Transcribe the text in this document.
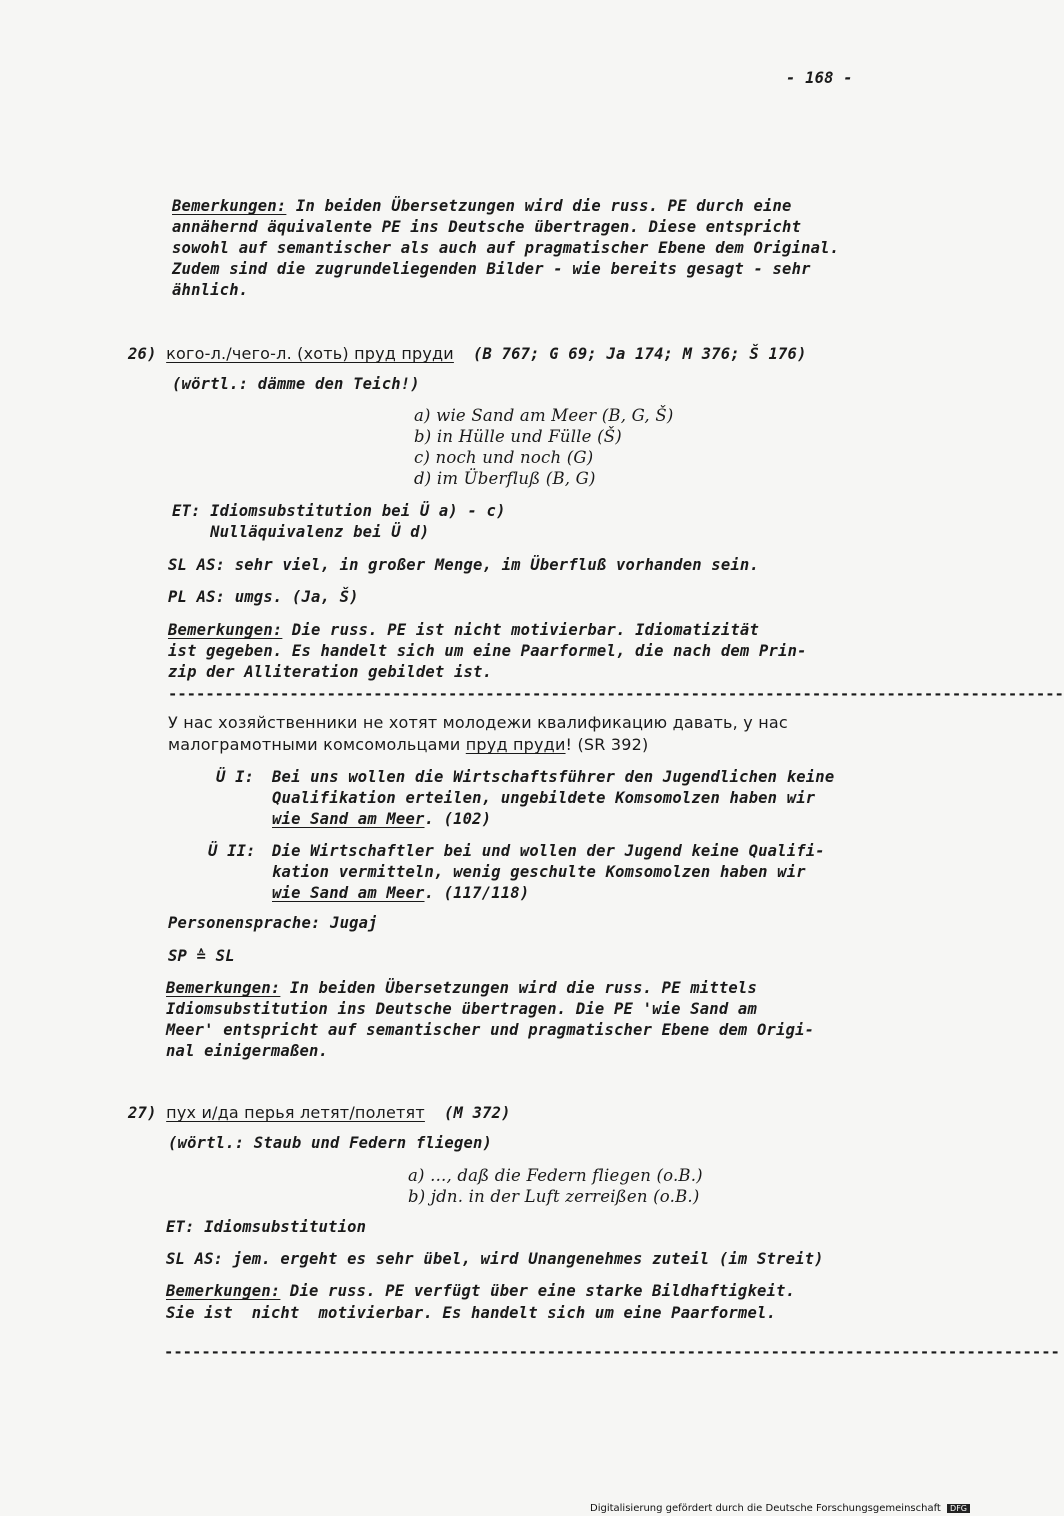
- 168 -
Bemerkungen: In beiden Übersetzungen wird die russ. PE durch eine
annähernd äquivalente PE ins Deutsche übertragen. Diese entspricht
sowohl auf semantischer als auch auf pragmatischer Ebene dem Original.
Zudem sind die zugrundeliegenden Bilder - wie bereits gesagt - sehr
ähnlich.
26) кого-л./чего-л. (хоть) пруд пруди (B 767; G 69; Ja 174; M 376; Š 176)
(wörtl.: dämme den Teich!)
a) wie Sand am Meer (B, G, Š)
b) in Hülle und Fülle (Š)
c) noch und noch (G)
d) im Überfluß (B, G)
ET: Idiomsubstitution bei Ü a) - c)
Nulläquivalenz bei Ü d)
SL AS: sehr viel, in großer Menge, im Überfluß vorhanden sein.
PL AS: umgs. (Ja, Š)
Bemerkungen: Die russ. PE ist nicht motivierbar. Idiomatizität
ist gegeben. Es handelt sich um eine Paarformel, die nach dem Prin-
zip der Alliteration gebildet ist.
------------------------------------------------------------------------------------------------
У нас хозяйственники не хотят молодежи квалификацию давать, у нас
малограмотными комсомольцами пруд пруди! (SR 392)
Ü I: Bei uns wollen die Wirtschaftsführer den Jugendlichen keine
Qualifikation erteilen, ungebildete Komsomolzen haben wir
wie Sand am Meer. (102)
Ü II: Die Wirtschaftler bei und wollen der Jugend keine Qualifi-
kation vermitteln, wenig geschulte Komsomolzen haben wir
wie Sand am Meer. (117/118)
Personensprache: Jugaj
SP ≙ SL
Bemerkungen: In beiden Übersetzungen wird die russ. PE mittels
Idiomsubstitution ins Deutsche übertragen. Die PE 'wie Sand am
Meer' entspricht auf semantischer und pragmatischer Ebene dem Origi-
nal einigermaßen.
27) пух и/да перья летят/полетят (M 372)
(wörtl.: Staub und Federn fliegen)
a) ..., daß die Federn fliegen (o.B.)
b) jdn. in der Luft zerreißen (o.B.)
ET: Idiomsubstitution
SL AS: jem. ergeht es sehr übel, wird Unangenehmes zuteil (im Streit)
Bemerkungen: Die russ. PE verfügt über eine starke Bildhaftigkeit.
Sie ist  nicht  motivierbar. Es handelt sich um eine Paarformel.
------------------------------------------------------------------------------------------------
Digitalisierung gefördert durch die Deutsche Forschungsgemeinschaft DFG
